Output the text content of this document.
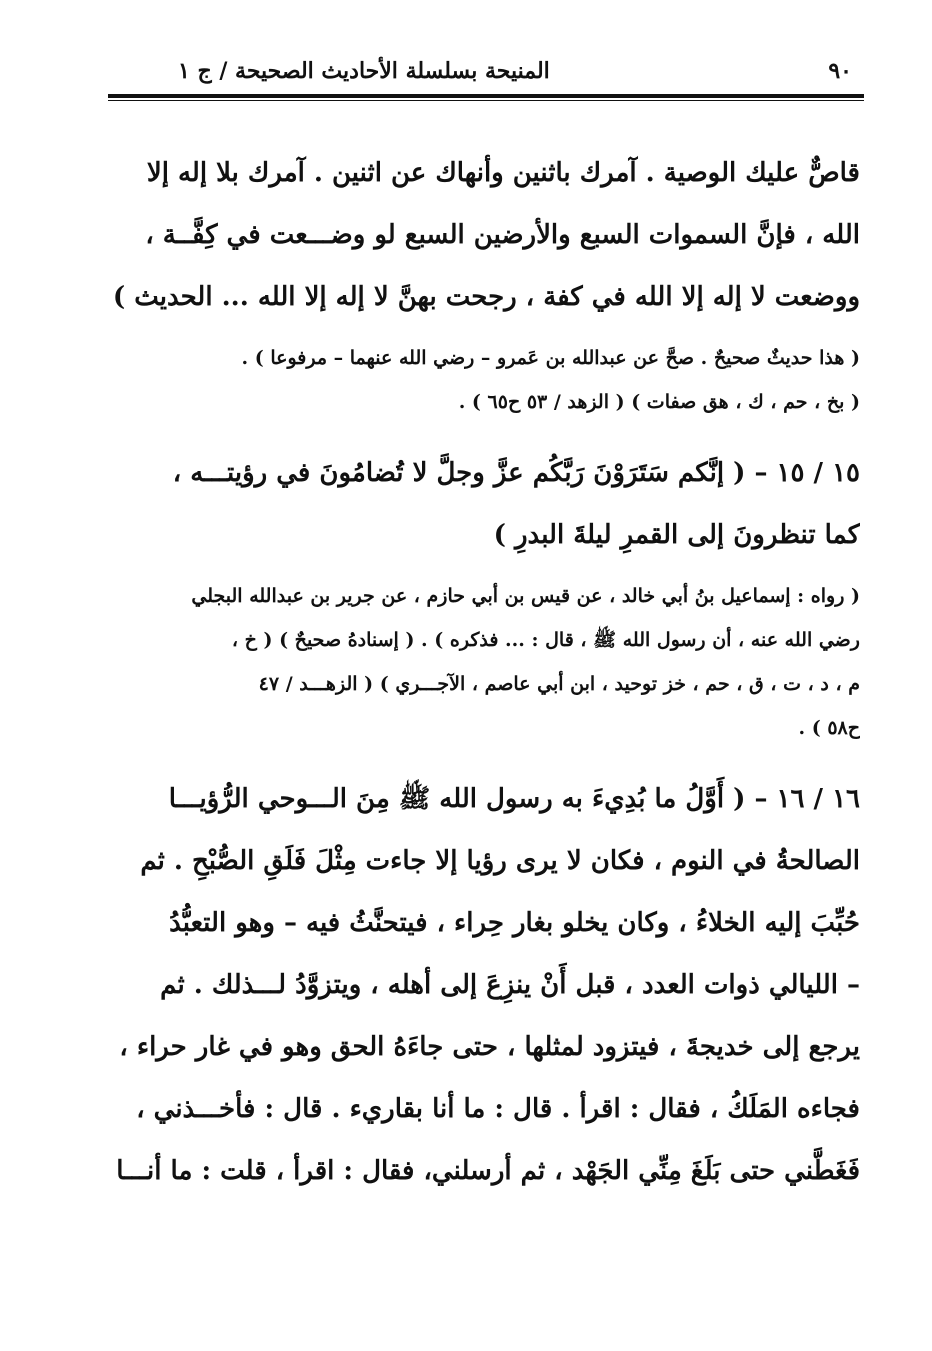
٩٠
المنيحة بسلسلة الأحاديث الصحيحة / ج ١

قاصٌّ عليك الوصية . آمرك باثنين وأنهاك عن اثنين . آمرك بلا إله إلا
الله ، فإنَّ السموات السبع والأرضين السبع لو وضـــعت في كِفَّــة ،
ووضعت لا إله إلا الله في كفة ، رجحت بهنَّ لا إله إلا الله ... الحديث )

( هذا حديثٌ صحيحٌ . صحَّ عن عبدالله بن عَمرو – رضي الله عنهما – مرفوعا ) .
( بخ ، حم ، ك ، هق صفات ) ( الزهد / ٥٣ ح٦٥ ) .

١٥ / ١٥ – ( إنَّكم سَتَرَوْنَ رَبَّكُم عزَّ وجلَّ لا تُضامُونَ في رؤيتـــه ،
كما تنظرونَ إلى القمرِ ليلةَ البدرِ )

( رواه : إسماعيل بنُ أبي خالد ، عن قيس بن أبي حازم ، عن جرير بن عبدالله البجلي
رضي الله عنه ، أن رسول الله ﷺ ، قال : ... فذكره ) . ( إسنادهُ صحيحٌ ) ( خ ،
م ، د ، ت ، ق ، حم ، خز توحيد ، ابن أبي عاصم ، الآجـــري ) ( الزهـــد / ٤٧
ح٥٨ ) .

١٦ / ١٦ – ( أَوَّلُ ما بُدِيءَ به رسول الله ﷺ مِنَ الـــوحي الرُّؤيـــا
الصالحةُ في النوم ، فكان لا يرى رؤيا إلا جاءت مِثْلَ فَلَقِ الصُّبْحِ . ثم
حُبِّبَ إليه الخلاءُ ، وكان يخلو بغار حِراء ، فيتحنَّثُ فيه – وهو التعبُّدُ
– الليالي ذوات العدد ، قبل أَنْ ينزِعَ إلى أهله ، ويتزوَّدُ لـــذلك . ثم
يرجع إلى خديجةَ ، فيتزود لمثلها ، حتى جاءَهُ الحق وهو في غار حراء ،
فجاءه المَلَكُ ، فقال : اقرأ . قال : ما أنا بقاريء . قال : فأخـــذني ،
فَغَطَّني حتى بَلَغَ مِنِّي الجَهْد ، ثم أرسلني، فقال : اقرأ ، قلت : ما أنـــا
